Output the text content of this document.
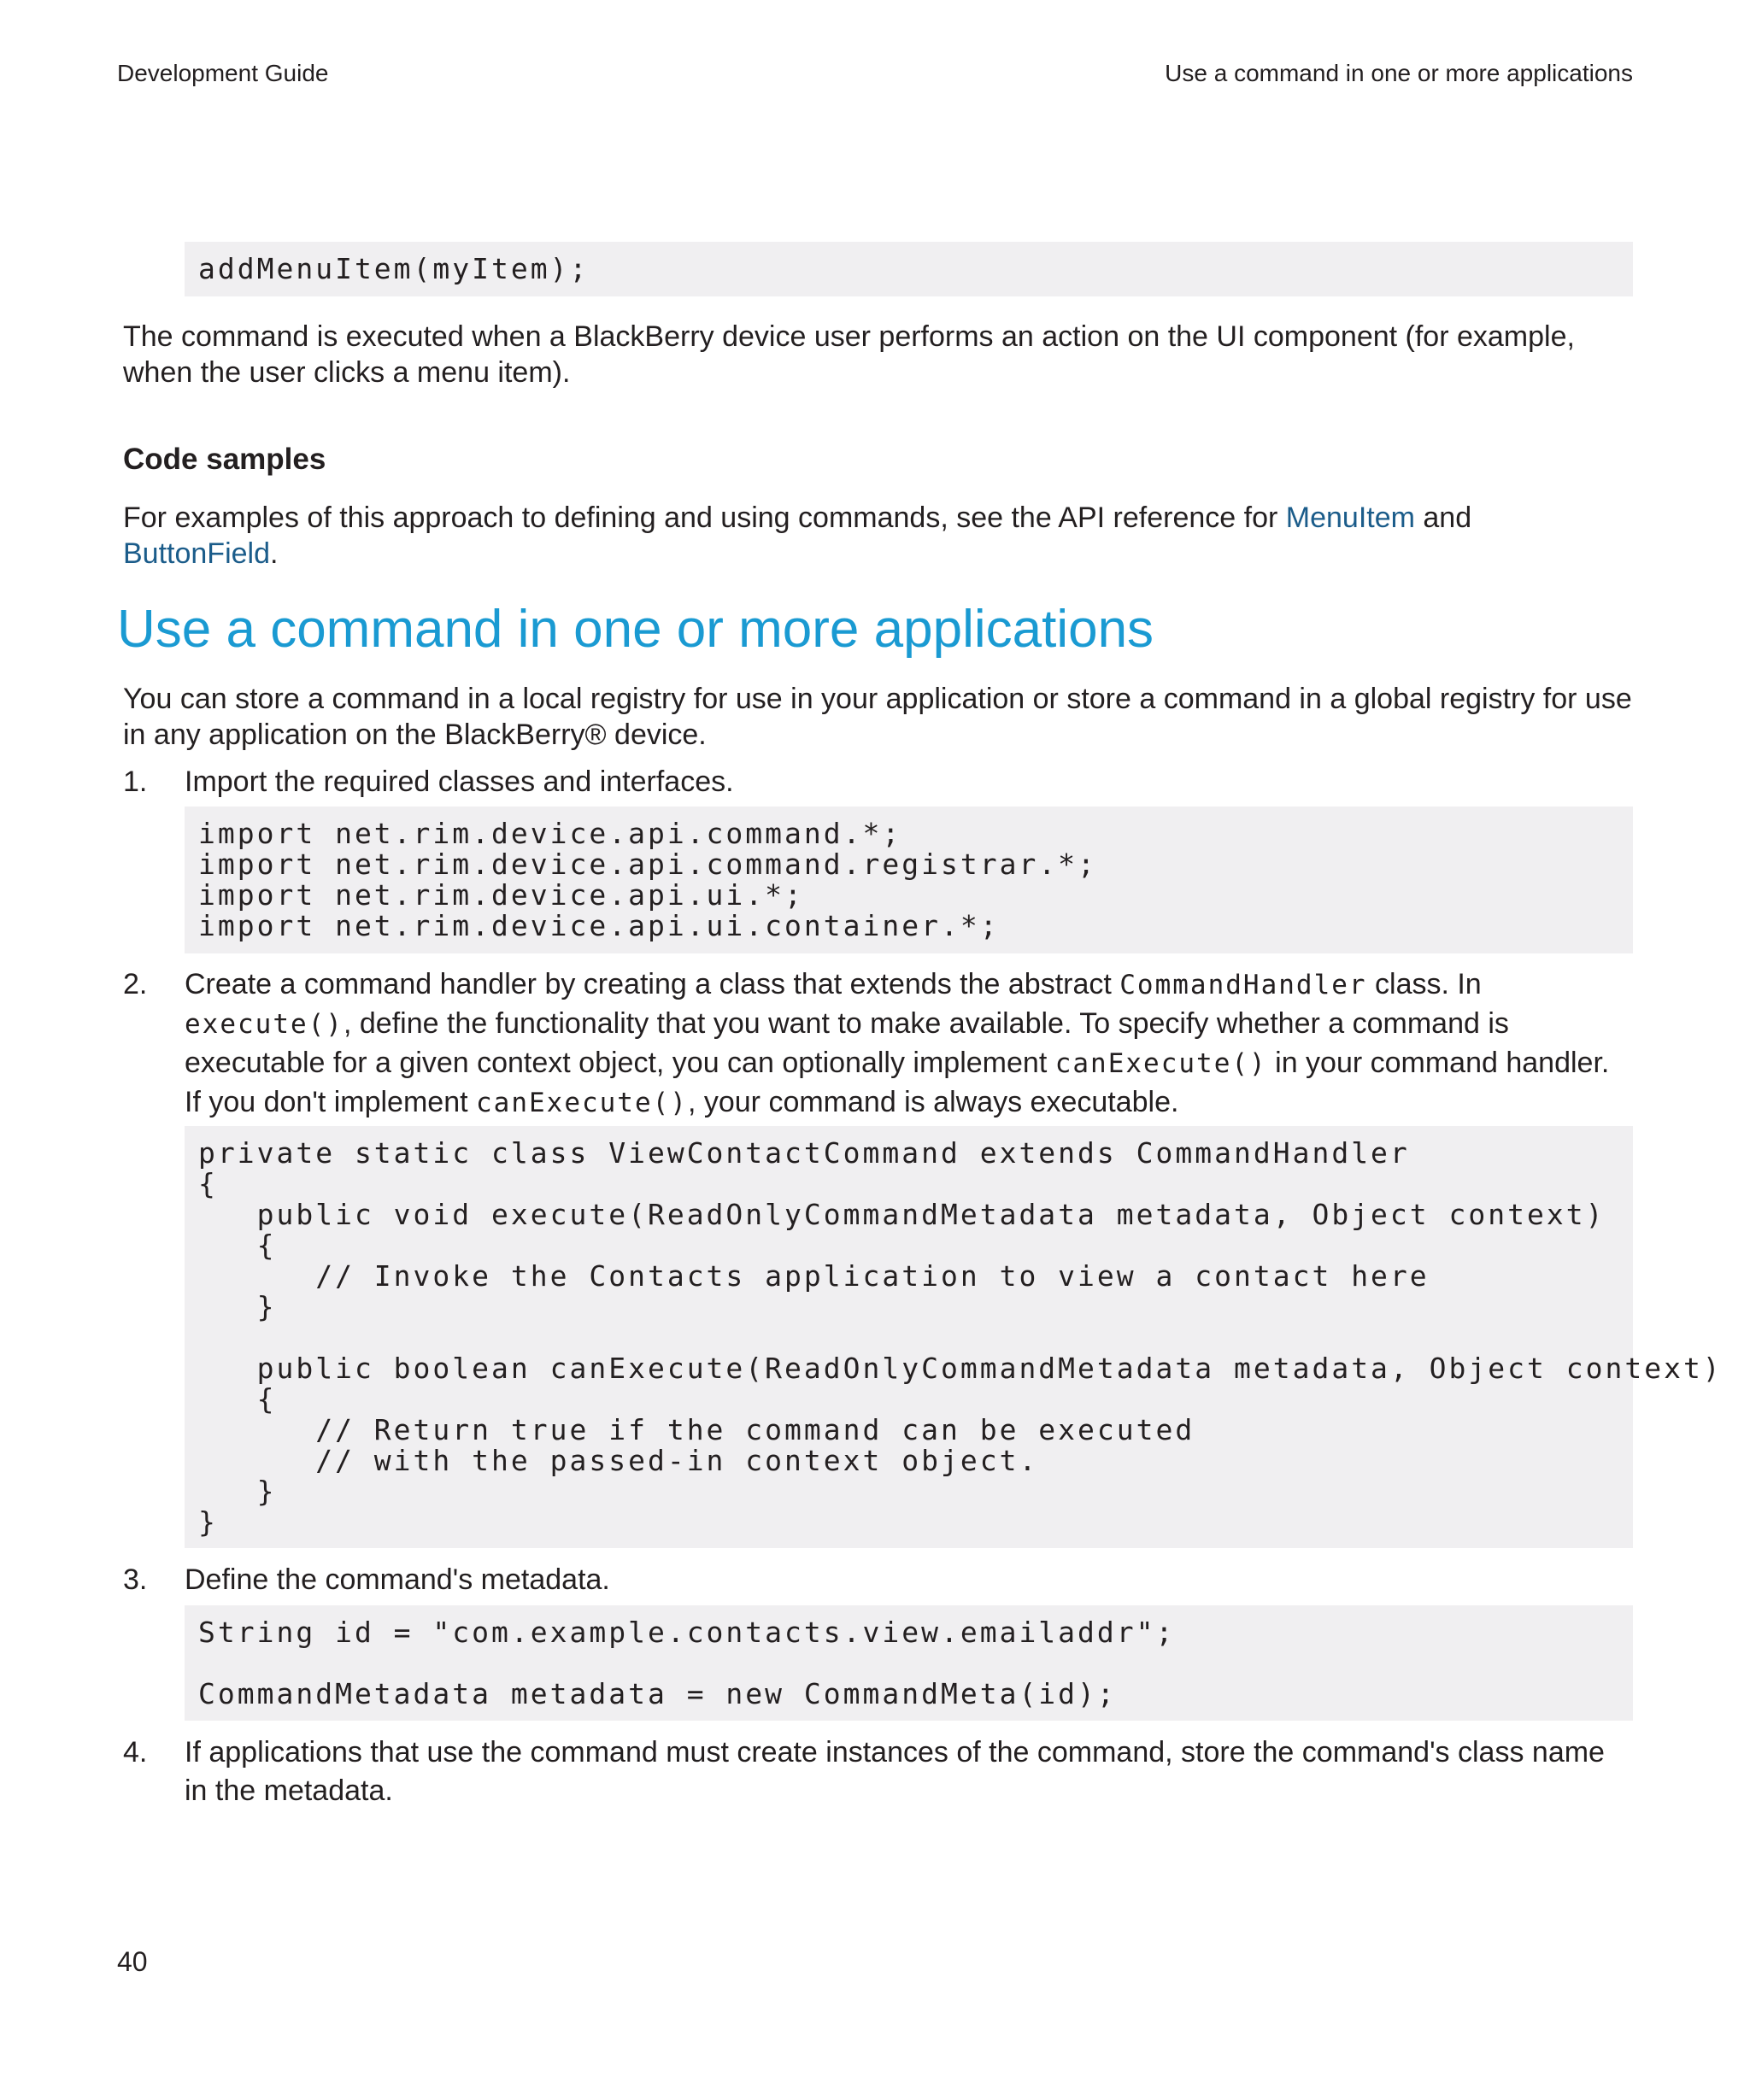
Development Guide	Use a command in one or more applications
addMenuItem(myItem);

The command is executed when a BlackBerry device user performs an action on the UI component (for example, when the user clicks a menu item).

Code samples

For examples of this approach to defining and using commands, see the API reference for MenuItem and ButtonField.

Use a command in one or more applications

You can store a command in a local registry for use in your application or store a command in a global registry for use in any application on the BlackBerry® device.

1. Import the required classes and interfaces.
import net.rim.device.api.command.*;
import net.rim.device.api.command.registrar.*;
import net.rim.device.api.ui.*;
import net.rim.device.api.ui.container.*;
2. Create a command handler by creating a class that extends the abstract CommandHandler class. In execute(), define the functionality that you want to make available. To specify whether a command is executable for a given context object, you can optionally implement canExecute() in your command handler. If you don't implement canExecute(), your command is always executable.
private static class ViewContactCommand extends CommandHandler
{
public void execute(ReadOnlyCommandMetadata metadata, Object context)
{
// Invoke the Contacts application to view a contact here
}

public boolean canExecute(ReadOnlyCommandMetadata metadata, Object context)
{
// Return true if the command can be executed
// with the passed-in context object.
}
}
3. Define the command's metadata.
String id = "com.example.contacts.view.emailaddr";

CommandMetadata metadata = new CommandMeta(id);
4. If applications that use the command must create instances of the command, store the command's class name in the metadata.
40
